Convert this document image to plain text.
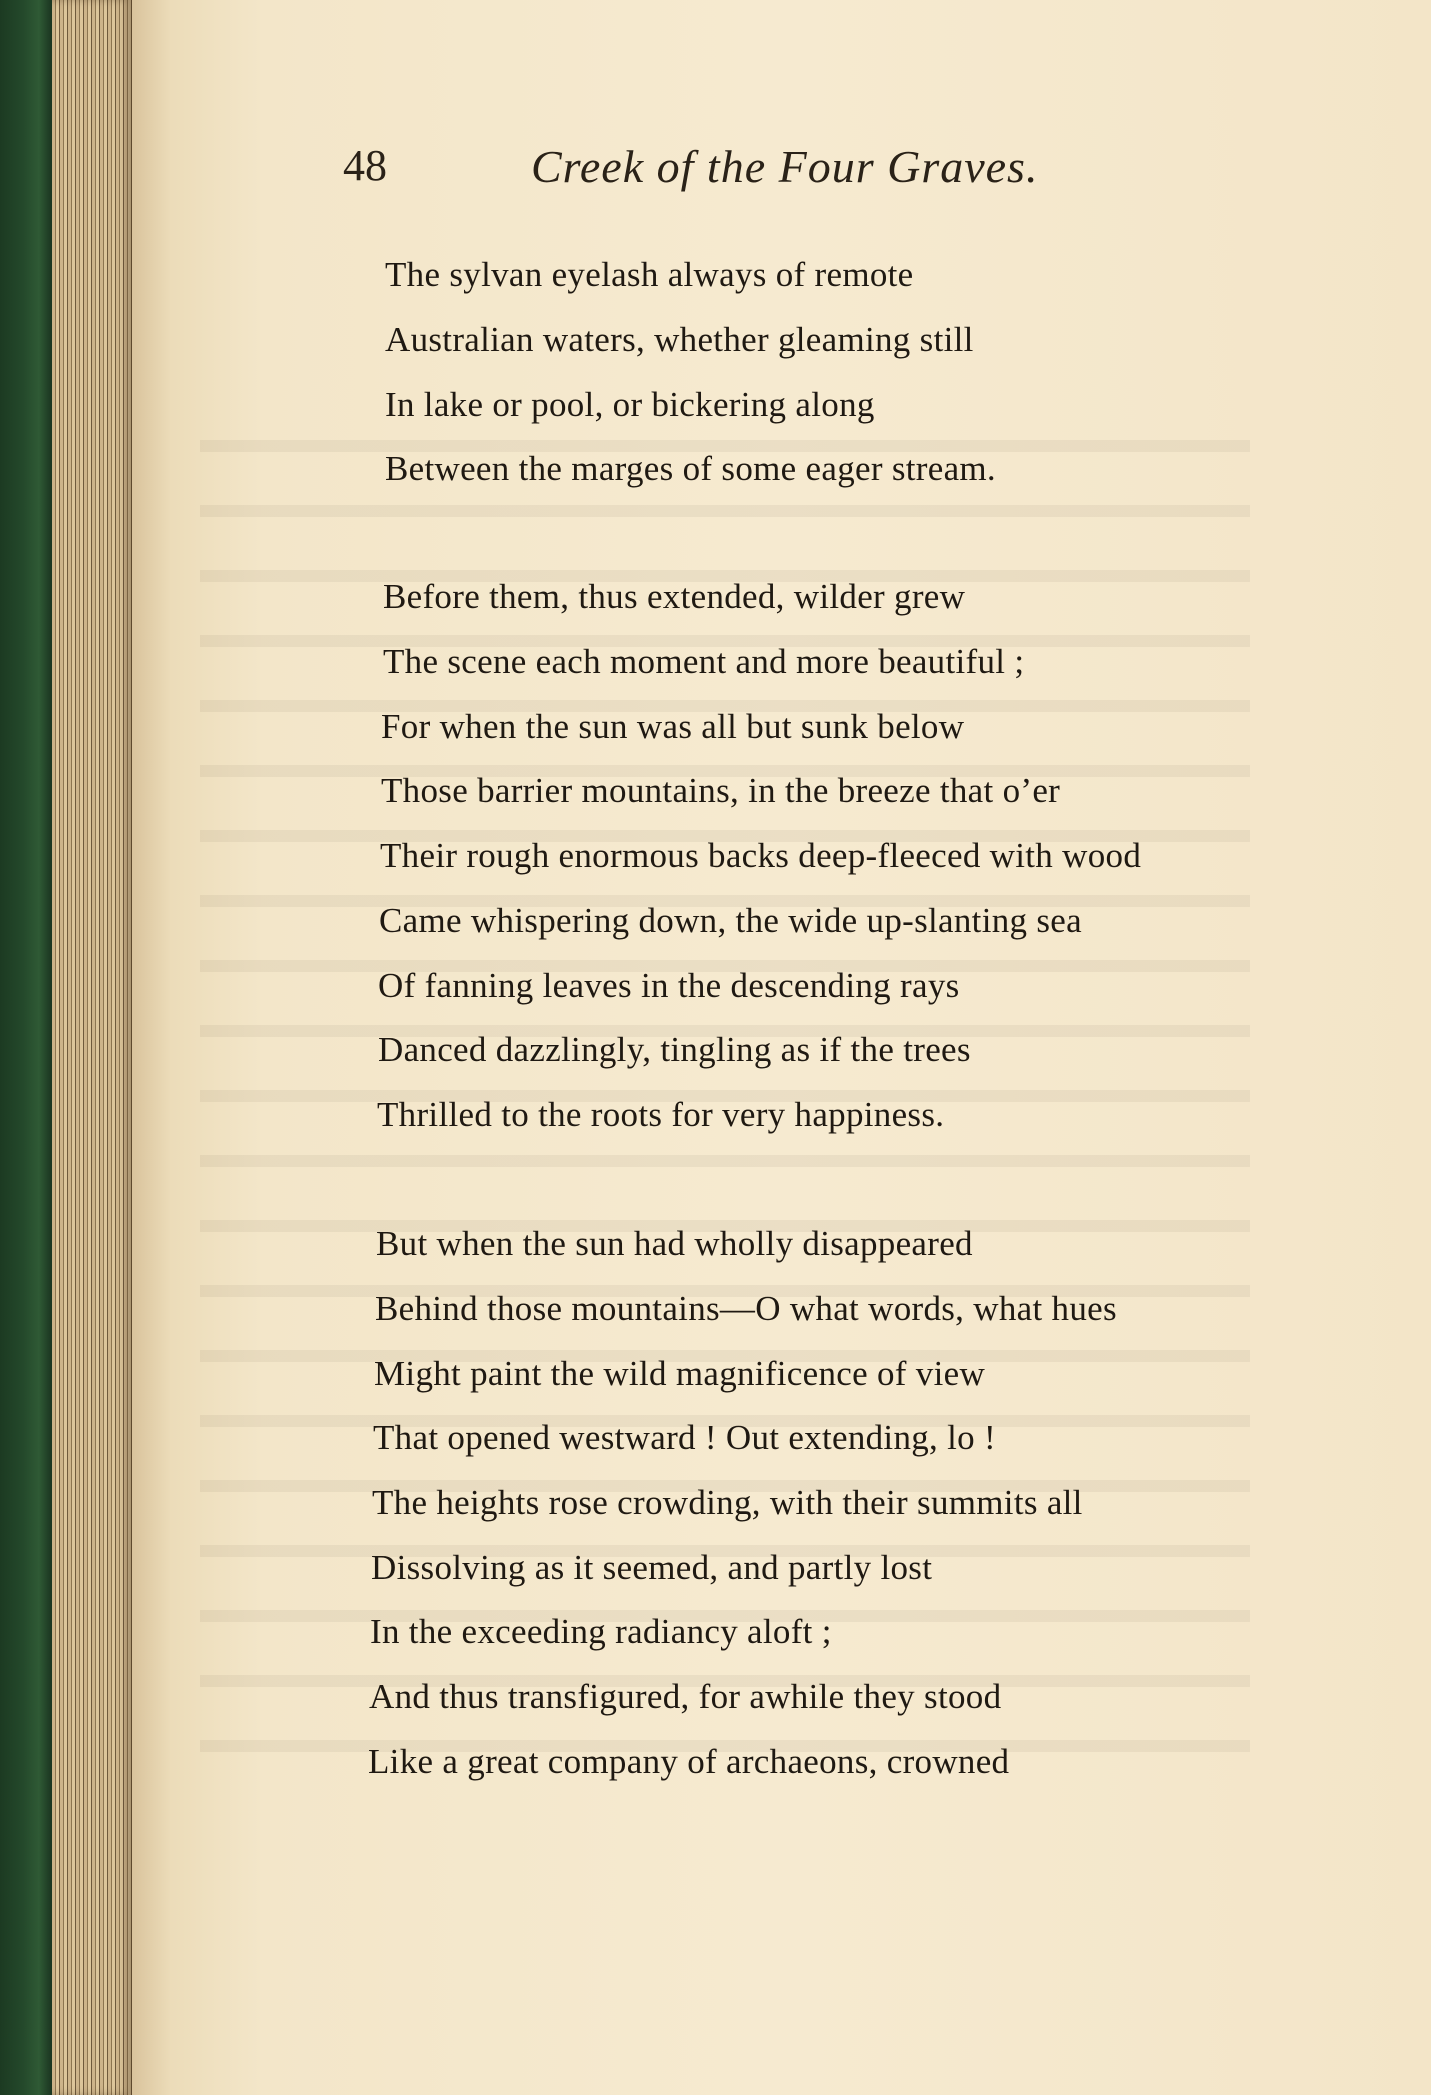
48	Creek of the Four Graves.
The sylvan eyelash always of remote
Australian waters, whether gleaming still
In lake or pool, or bickering along
Between the marges of some eager stream.
Before them, thus extended, wilder grew
The scene each moment and more beautiful ;
For when the sun was all but sunk below
Those barrier mountains, in the breeze that o’er
Their rough enormous backs deep-fleeced with wood
Came whispering down, the wide up-slanting sea
Of fanning leaves in the descending rays
Danced dazzlingly, tingling as if the trees
Thrilled to the roots for very happiness.
But when the sun had wholly disappeared
Behind those mountains—O what words, what hues
Might paint the wild magnificence of view
That opened westward ! Out extending, lo !
The heights rose crowding, with their summits all
Dissolving as it seemed, and partly lost
In the exceeding radiancy aloft ;
And thus transfigured, for awhile they stood
Like a great company of archaeons, crowned
